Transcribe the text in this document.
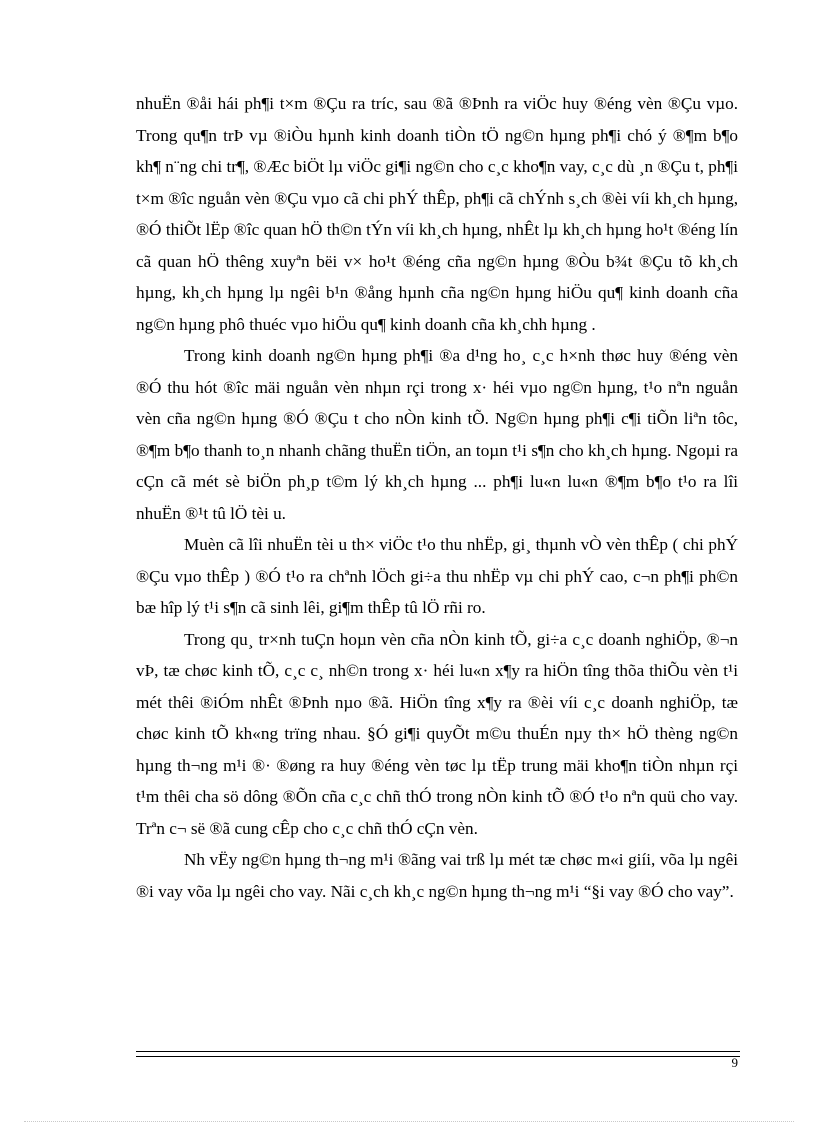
nhuËn ®åi hái ph¶i t×m ®Çu ra tríc, sau ®ã ®Þnh ra viÖc huy ®éng vèn ®Çu vµo. Trong qu¶n trÞ vµ ®iÒu hµnh kinh doanh tiÒn tÖ ng©n hµng ph¶i chó ý ®¶m b¶o kh¶ n¨ng chi tr¶, ®Æc biÖt lµ viÖc gi¶i ng©n cho c¸c kho¶n vay, c¸c dù ¸n ®Çu t, ph¶i t×m ®îc nguån vèn ®Çu vµo cã chi phÝ thÊp, ph¶i cã chÝnh s¸ch ®èi víi kh¸ch hµng, ®Ó thiÕt lËp ®îc quan hÖ th©n tÝn víi kh¸ch hµng, nhÊt lµ kh¸ch hµng ho¹t ®éng lín cã quan hÖ thêng xuyªn bëi v× ho¹t ®éng cña ng©n hµng ®Òu b¾t ®Çu tõ kh¸ch hµng, kh¸ch hµng lµ ngêi b¹n ®ång hµnh cña ng©n hµng hiÖu qu¶ kinh doanh cña ng©n hµng phô thuéc vµo hiÖu qu¶ kinh doanh cña kh¸chh hµng .

Trong kinh doanh ng©n hµng ph¶i ®a d¹ng ho¸ c¸c h×nh thøc huy ®éng vèn ®Ó thu hót ®îc mäi nguån vèn nhµn rçi trong x· héi vµo ng©n hµng, t¹o nªn nguån vèn cña ng©n hµng ®Ó ®Çu t cho nÒn kinh tÕ. Ng©n hµng ph¶i c¶i tiÕn liªn tôc, ®¶m b¶o thanh to¸n nhanh chãng thuËn tiÖn, an toµn t¹i s¶n cho kh¸ch hµng. Ngoµi ra cÇn cã mét sè biÖn ph¸p t©m lý kh¸ch hµng ... ph¶i lu«n lu«n ®¶m b¶o t¹o ra lîi nhuËn ®¹t tû lÖ tèi u.

Muèn cã lîi nhuËn tèi u th× viÖc t¹o thu nhËp, gi¸ thµnh vÒ vèn thÊp ( chi phÝ ®Çu vµo thÊp ) ®Ó t¹o ra chªnh lÖch gi÷a thu nhËp vµ chi phÝ cao, c¬n ph¶i ph©n bæ hîp lý t¹i s¶n cã sinh lêi, gi¶m thÊp tû lÖ rñi ro.

Trong qu¸ tr×nh tuÇn hoµn vèn cña nÒn kinh tÕ, gi÷a c¸c doanh nghiÖp, ®¬n vÞ, tæ chøc kinh tÕ, c¸c c¸ nh©n trong x· héi lu«n x¶y ra hiÖn tîng thõa thiÕu vèn t¹i mét thêi ®iÓm nhÊt ®Þnh nµo ®ã. HiÖn tîng x¶y ra ®èi víi c¸c doanh nghiÖp, tæ chøc kinh tÕ kh«ng trïng nhau. §Ó gi¶i quyÕt m©u thuÉn nµy th× hÖ thèng ng©n hµng th¬ng m¹i ®· ®øng ra huy ®éng vèn tøc lµ tËp trung mäi kho¶n tiÒn nhµn rçi t¹m thêi cha sö dông ®Õn cña c¸c chñ thÓ trong nÒn kinh tÕ ®Ó t¹o nªn quü cho vay. Trªn c¬ së ®ã cung cÊp cho c¸c chñ thÓ cÇn vèn.

Nh vËy ng©n hµng th¬ng m¹i ®ãng vai trß lµ mét tæ chøc m«i giíi, võa lµ ngêi ®i vay võa lµ ngêi cho vay. Nãi c¸ch kh¸c ng©n hµng th¬ng m¹i “§i vay ®Ó cho vay”.

9
